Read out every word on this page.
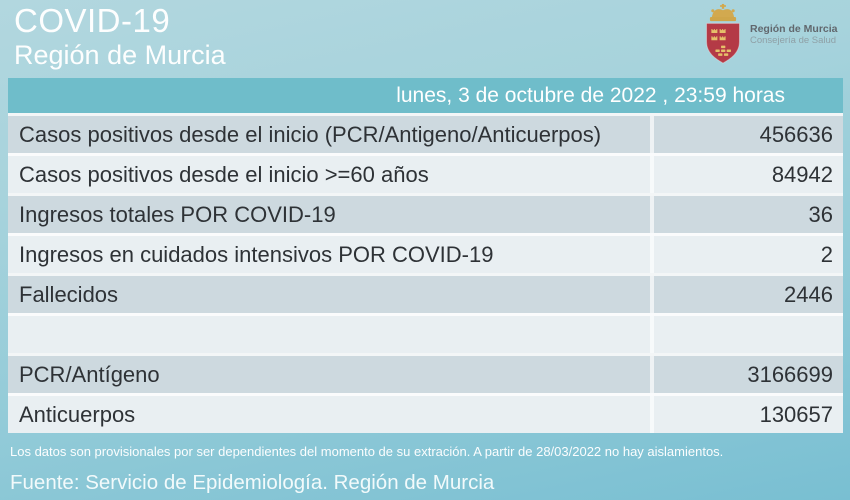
COVID-19
Región de Murcia
Región de Murcia
Consejería de Salud
lunes, 3 de octubre de 2022 , 23:59 horas
Casos positivos desde el inicio (PCR/Antigeno/Anticuerpos)	456636
Casos positivos desde el inicio >=60 años	84942
Ingresos totales POR COVID-19	36
Ingresos en cuidados intensivos POR COVID-19	2
Fallecidos	2446
PCR/Antígeno	3166699
Anticuerpos	130657
Los datos son provisionales por ser dependientes del momento de su extración. A partir de 28/03/2022 no hay aislamientos.
Fuente: Servicio de Epidemiología. Región de Murcia
